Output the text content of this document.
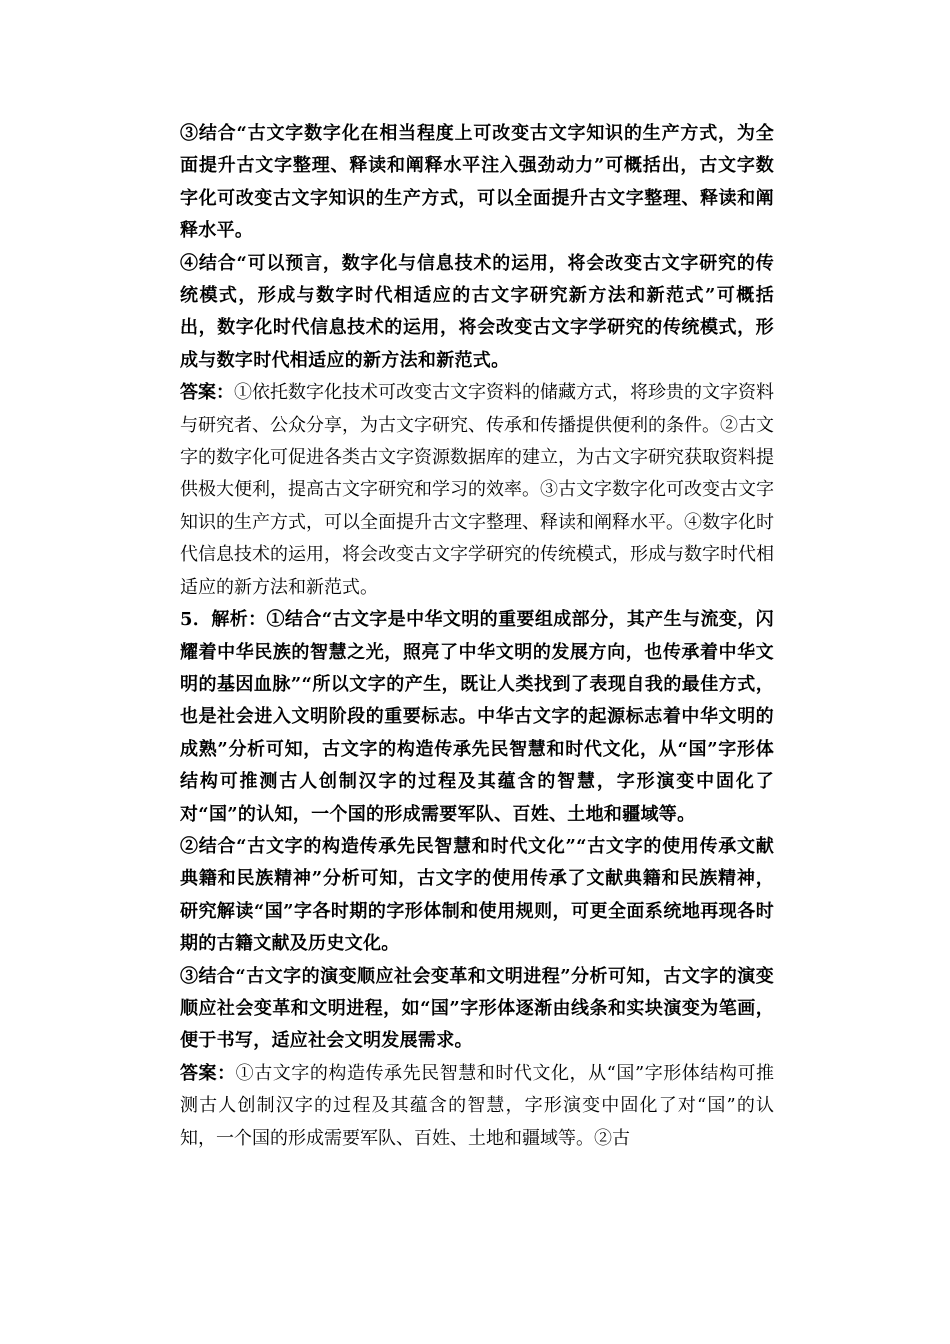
③结合“古文字数字化在相当程度上可改变古文字知识的生产方式，为全面提升古文字整理、释读和阐释水平注入强劲动力”可概括出，古文字数字化可改变古文字知识的生产方式，可以全面提升古文字整理、释读和阐释水平。

④结合“可以预言，数字化与信息技术的运用，将会改变古文字研究的传统模式，形成与数字时代相适应的古文字研究新方法和新范式”可概括出，数字化时代信息技术的运用，将会改变古文字学研究的传统模式，形成与数字时代相适应的新方法和新范式。

答案：①依托数字化技术可改变古文字资料的储藏方式，将珍贵的文字资料与研究者、公众分享，为古文字研究、传承和传播提供便利的条件。②古文字的数字化可促进各类古文字资源数据库的建立，为古文字研究获取资料提供极大便利，提高古文字研究和学习的效率。③古文字数字化可改变古文字知识的生产方式，可以全面提升古文字整理、释读和阐释水平。④数字化时代信息技术的运用，将会改变古文字学研究的传统模式，形成与数字时代相适应的新方法和新范式。

5．解析：①结合“古文字是中华文明的重要组成部分，其产生与流变，闪耀着中华民族的智慧之光，照亮了中华文明的发展方向，也传承着中华文明的基因血脉”“所以文字的产生，既让人类找到了表现自我的最佳方式，也是社会进入文明阶段的重要标志。中华古文字的起源标志着中华文明的成熟”分析可知，古文字的构造传承先民智慧和时代文化，从“国”字形体结构可推测古人创制汉字的过程及其蕴含的智慧，字形演变中固化了对“国”的认知，一个国的形成需要军队、百姓、土地和疆域等。

②结合“古文字的构造传承先民智慧和时代文化”“古文字的使用传承文献典籍和民族精神”分析可知，古文字的使用传承了文献典籍和民族精神，研究解读“国”字各时期的字形体制和使用规则，可更全面系统地再现各时期的古籍文献及历史文化。

③结合“古文字的演变顺应社会变革和文明进程”分析可知，古文字的演变顺应社会变革和文明进程，如“国”字形体逐渐由线条和实块演变为笔画，便于书写，适应社会文明发展需求。

答案：①古文字的构造传承先民智慧和时代文化，从“国”字形体结构可推测古人创制汉字的过程及其蕴含的智慧，字形演变中固化了对“国”的认知，一个国的形成需要军队、百姓、土地和疆域等。②古
